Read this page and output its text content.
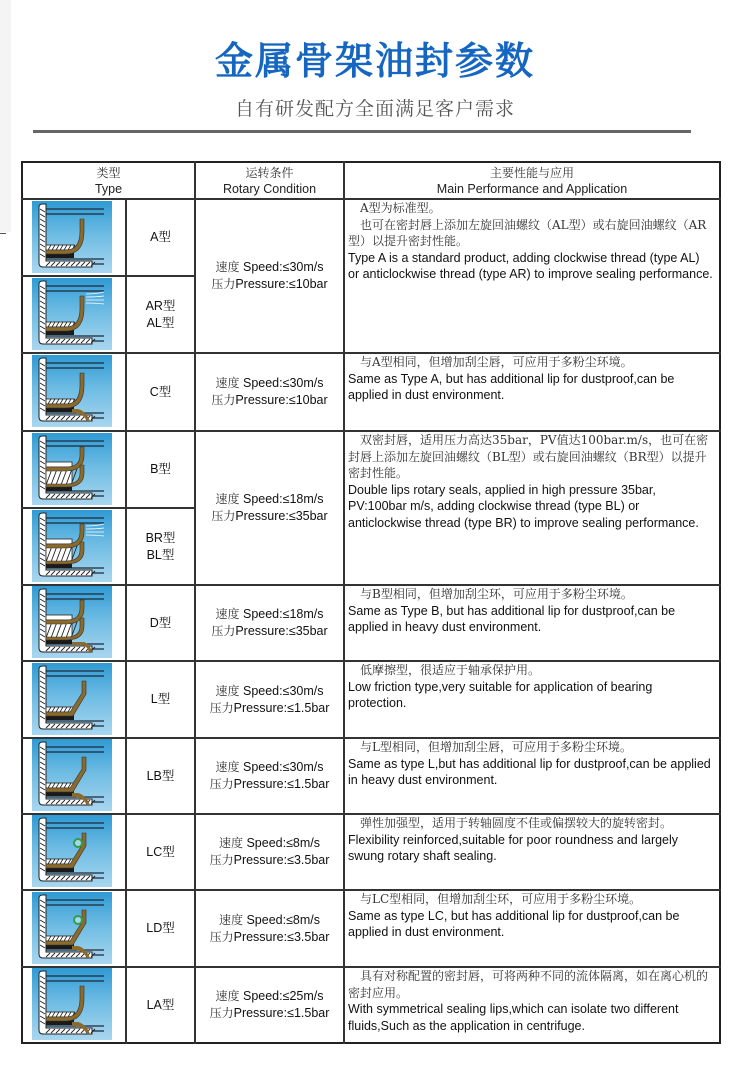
金属骨架油封参数
自有研发配方全面满足客户需求
类型
Type
运转条件
Rotary Condition
主要性能与应用
Main Performance and Application
A型
AR型
AL型
C型
B型
BR型
BL型
D型
L型
LB型
LC型
LD型
LA型
速度 Speed:≤30m/s
压力Pressure:≤10bar
A型为标准型。
也可在密封唇上添加左旋回油螺纹（AL型）或右旋回油螺纹（AR型）以提升密封性能。
Type A is a standard product, adding clockwise thread (type AL) or anticlockwise thread (type AR) to improve sealing performance.
速度 Speed:≤30m/s
压力Pressure:≤10bar
与A型相同，但增加刮尘唇，可应用于多粉尘环境。
Same as Type A, but has additional lip for dustproof,can be applied in dust environment.
速度 Speed:≤18m/s
压力Pressure:≤35bar
双密封唇，适用压力高达35bar，PV值达100bar.m/s，也可在密封唇上添加左旋回油螺纹（BL型）或右旋回油螺纹（BR型）以提升密封性能。
Double lips rotary seals, applied in high pressure 35bar, PV:100bar m/s, adding clockwise thread (type BL) or anticlockwise thread (type BR) to improve sealing performance.
速度 Speed:≤18m/s
压力Pressure:≤35bar
与B型相同，但增加刮尘环，可应用于多粉尘环境。
Same as Type B, but has additional lip for dustproof,can be applied in heavy dust environment.
速度 Speed:≤30m/s
压力Pressure:≤1.5bar
低摩擦型，很适应于轴承保护用。
Low friction type,very suitable for application of bearing protection.
速度 Speed:≤30m/s
压力Pressure:≤1.5bar
与L型相同，但增加刮尘唇，可应用于多粉尘环境。
Same as type L,but has additional lip for dustproof,can be applied in heavy dust environment.
速度 Speed:≤8m/s
压力Pressure:≤3.5bar
弹性加强型，适用于转轴圆度不佳或偏摆较大的旋转密封。
Flexibility reinforced,suitable for poor roundness and largely swung rotary shaft sealing.
速度 Speed:≤8m/s
压力Pressure:≤3.5bar
与LC型相同，但增加刮尘环，可应用于多粉尘环境。
Same as type LC, but has additional lip for dustproof,can be applied in dust environment.
速度 Speed:≤25m/s
压力Pressure:≤1.5bar
具有对称配置的密封唇，可将两种不同的流体隔离，如在离心机的密封应用。
With symmetrical sealing lips,which can isolate two different fluids,Such as the application in centrifuge.
